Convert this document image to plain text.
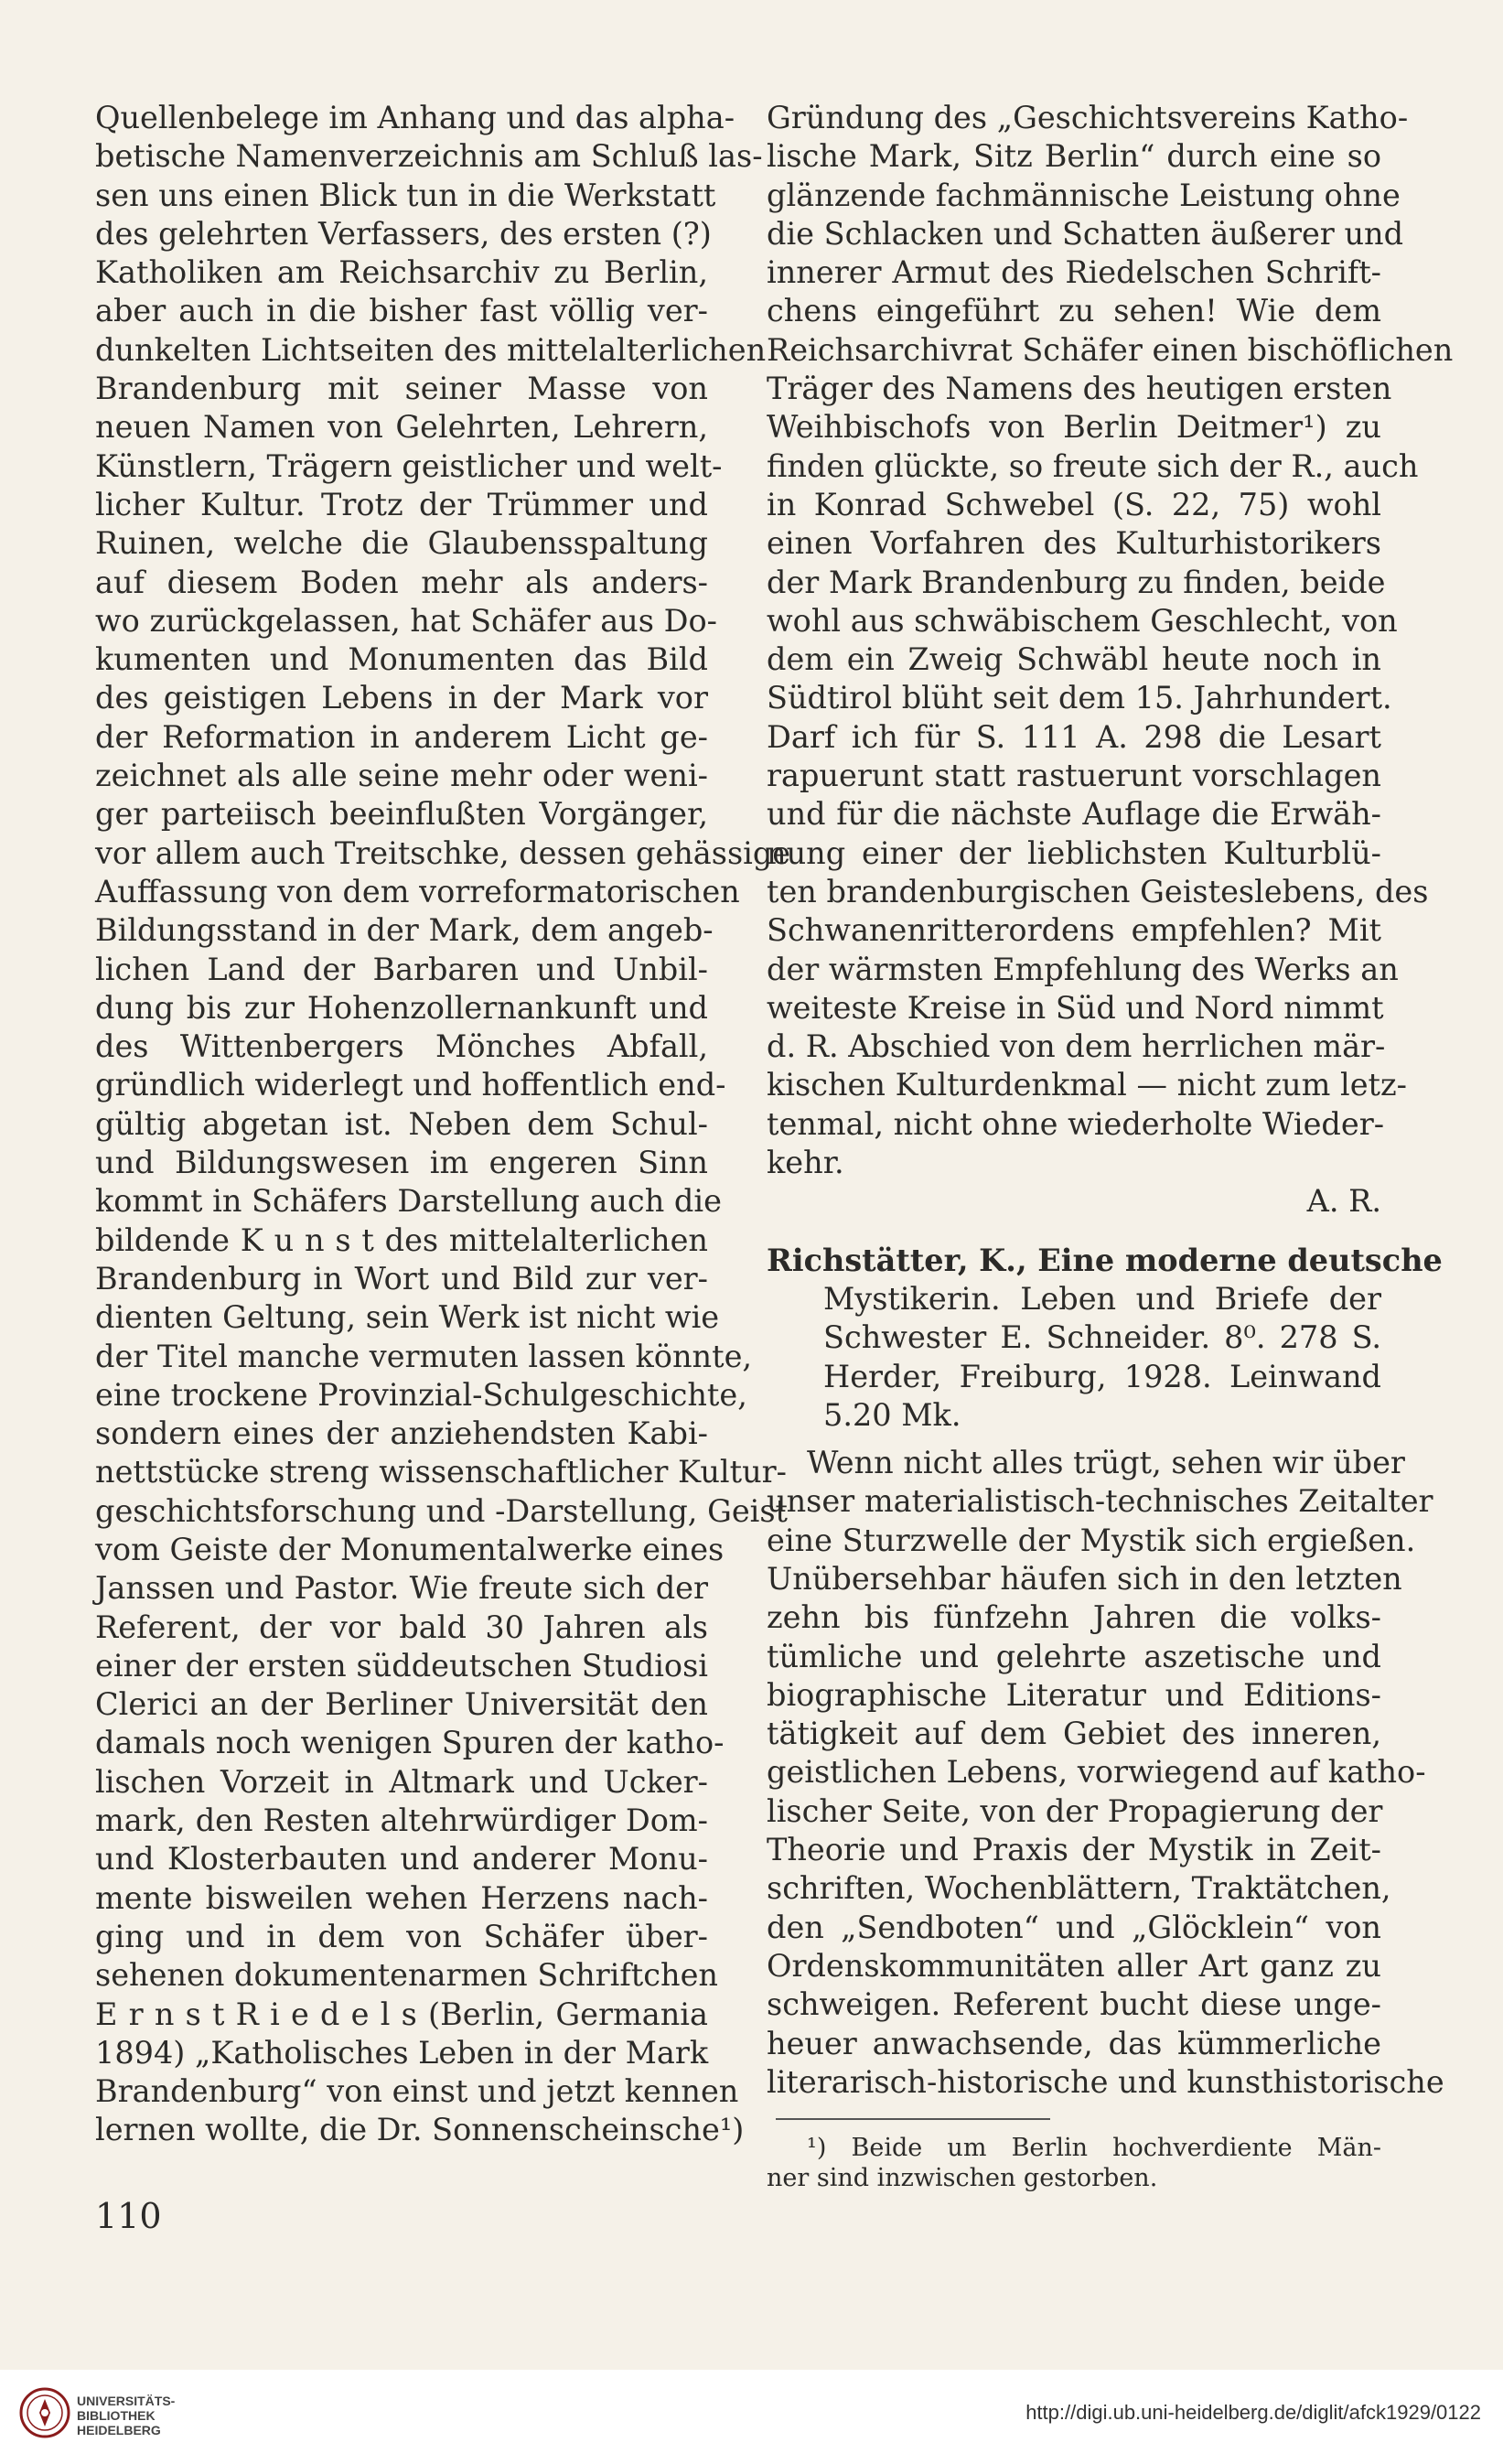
Quellenbelege im Anhang und das alpha-
betische Namenverzeichnis am Schluß las-
sen uns einen Blick tun in die Werkstatt
des gelehrten Verfassers, des ersten (?)
Katholiken am Reichsarchiv zu Berlin,
aber auch in die bisher fast völlig ver-
dunkelten Lichtseiten des mittelalterlichen
Brandenburg mit seiner Masse von
neuen Namen von Gelehrten, Lehrern,
Künstlern, Trägern geistlicher und welt-
licher Kultur. Trotz der Trümmer und
Ruinen, welche die Glaubensspaltung
auf diesem Boden mehr als anders-
wo zurückgelassen, hat Schäfer aus Do-
kumenten und Monumenten das Bild
des geistigen Lebens in der Mark vor
der Reformation in anderem Licht ge-
zeichnet als alle seine mehr oder weni-
ger parteiisch beeinflußten Vorgänger,
vor allem auch Treitschke, dessen gehässige
Auffassung von dem vorreformatorischen
Bildungsstand in der Mark, dem angeb-
lichen Land der Barbaren und Unbil-
dung bis zur Hohenzollernankunft und
des Wittenbergers Mönches Abfall,
gründlich widerlegt und hoffentlich end-
gültig abgetan ist. Neben dem Schul-
und Bildungswesen im engeren Sinn
kommt in Schäfers Darstellung auch die
bildende K u n s t des mittelalterlichen
Brandenburg in Wort und Bild zur ver-
dienten Geltung, sein Werk ist nicht wie
der Titel manche vermuten lassen könnte,
eine trockene Provinzial-Schulgeschichte,
sondern eines der anziehendsten Kabi-
nettstücke streng wissenschaftlicher Kultur-
geschichtsforschung und -Darstellung, Geist
vom Geiste der Monumentalwerke eines
Janssen und Pastor. Wie freute sich der
Referent, der vor bald 30 Jahren als
einer der ersten süddeutschen Studiosi
Clerici an der Berliner Universität den
damals noch wenigen Spuren der katho-
lischen Vorzeit in Altmark und Ucker-
mark, den Resten altehrwürdiger Dom-
und Klosterbauten und anderer Monu-
mente bisweilen wehen Herzens nach-
ging und in dem von Schäfer über-
sehenen dokumentenarmen Schriftchen
E r n s t R i e d e l s (Berlin, Germania
1894) „Katholisches Leben in der Mark
Brandenburg“ von einst und jetzt kennen
lernen wollte, die Dr. Sonnenscheinsche¹)
Gründung des „Geschichtsvereins Katho-
lische Mark, Sitz Berlin“ durch eine so
glänzende fachmännische Leistung ohne
die Schlacken und Schatten äußerer und
innerer Armut des Riedelschen Schrift-
chens eingeführt zu sehen! Wie dem
Reichsarchivrat Schäfer einen bischöflichen
Träger des Namens des heutigen ersten
Weihbischofs von Berlin Deitmer¹) zu
finden glückte, so freute sich der R., auch
in Konrad Schwebel (S. 22, 75) wohl
einen Vorfahren des Kulturhistorikers
der Mark Brandenburg zu finden, beide
wohl aus schwäbischem Geschlecht, von
dem ein Zweig Schwäbl heute noch in
Südtirol blüht seit dem 15. Jahrhundert.
Darf ich für S. 111 A. 298 die Lesart
rapuerunt statt rastuerunt vorschlagen
und für die nächste Auflage die Erwäh-
nung einer der lieblichsten Kulturblü-
ten brandenburgischen Geisteslebens, des
Schwanenritterordens empfehlen? Mit
der wärmsten Empfehlung des Werks an
weiteste Kreise in Süd und Nord nimmt
d. R. Abschied von dem herrlichen mär-
kischen Kulturdenkmal — nicht zum letz-
tenmal, nicht ohne wiederholte Wieder-
kehr.
A. R.
Richstätter, K., Eine moderne deutsche
Mystikerin. Leben und Briefe der
Schwester E. Schneider. 8⁰. 278 S.
Herder, Freiburg, 1928. Leinwand
5.20 Mk.
Wenn nicht alles trügt, sehen wir über
unser materialistisch-technisches Zeitalter
eine Sturzwelle der Mystik sich ergießen.
Unübersehbar häufen sich in den letzten
zehn bis fünfzehn Jahren die volks-
tümliche und gelehrte aszetische und
biographische Literatur und Editions-
tätigkeit auf dem Gebiet des inneren,
geistlichen Lebens, vorwiegend auf katho-
lischer Seite, von der Propagierung der
Theorie und Praxis der Mystik in Zeit-
schriften, Wochenblättern, Traktätchen,
den „Sendboten“ und „Glöcklein“ von
Ordenskommunitäten aller Art ganz zu
schweigen. Referent bucht diese unge-
heuer anwachsende, das kümmerliche
literarisch-historische und kunsthistorische
¹) Beide um Berlin hochverdiente Män-
ner sind inzwischen gestorben.
110
UNIVERSITÄTS-
BIBLIOTHEK
HEIDELBERG
http://digi.ub.uni-heidelberg.de/diglit/afck1929/0122
